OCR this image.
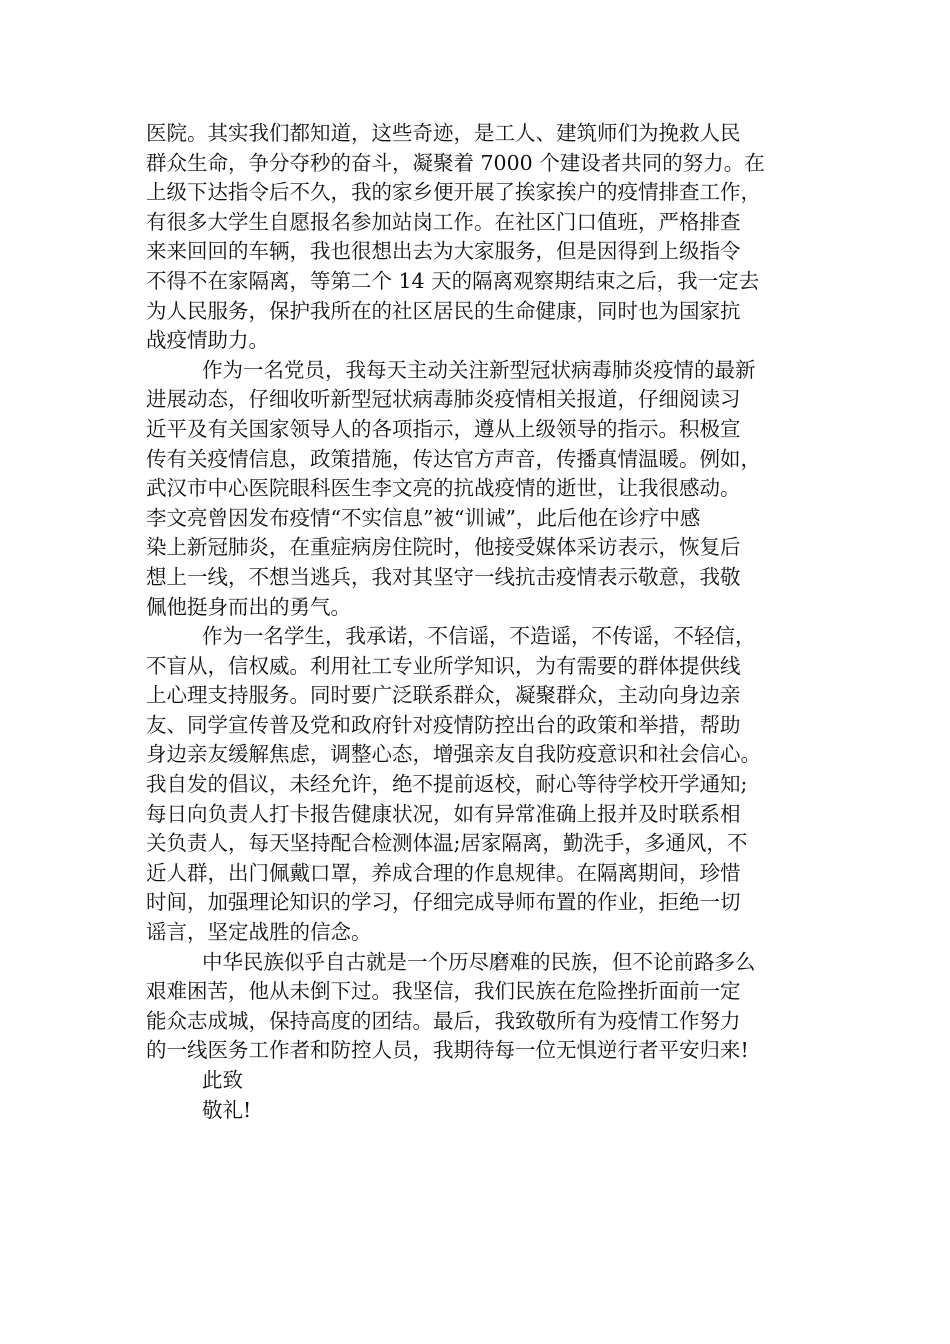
医院。其实我们都知道，这些奇迹，是工人、建筑师们为挽救人民
群众生命，争分夺秒的奋斗，凝聚着 7000 个建设者共同的努力。在
上级下达指令后不久，我的家乡便开展了挨家挨户的疫情排查工作，
有很多大学生自愿报名参加站岗工作。在社区门口值班，严格排查
来来回回的车辆，我也很想出去为大家服务，但是因得到上级指令
不得不在家隔离，等第二个 14 天的隔离观察期结束之后，我一定去
为人民服务，保护我所在的社区居民的生命健康，同时也为国家抗
战疫情助力。
作为一名党员，我每天主动关注新型冠状病毒肺炎疫情的最新
进展动态，仔细收听新型冠状病毒肺炎疫情相关报道，仔细阅读习
近平及有关国家领导人的各项指示，遵从上级领导的指示。积极宣
传有关疫情信息，政策措施，传达官方声音，传播真情温暖。例如，
武汉市中心医院眼科医生李文亮的抗战疫情的逝世，让我很感动。
李文亮曾因发布疫情“不实信息”被“训诫”，此后他在诊疗中感
染上新冠肺炎，在重症病房住院时，他接受媒体采访表示，恢复后
想上一线，不想当逃兵，我对其坚守一线抗击疫情表示敬意，我敬
佩他挺身而出的勇气。
作为一名学生，我承诺，不信谣，不造谣，不传谣，不轻信，
不盲从，信权威。利用社工专业所学知识，为有需要的群体提供线
上心理支持服务。同时要广泛联系群众，凝聚群众，主动向身边亲
友、同学宣传普及党和政府针对疫情防控出台的政策和举措，帮助
身边亲友缓解焦虑，调整心态，增强亲友自我防疫意识和社会信心。
我自发的倡议，未经允许，绝不提前返校，耐心等待学校开学通知;
每日向负责人打卡报告健康状况，如有异常准确上报并及时联系相
关负责人，每天坚持配合检测体温;居家隔离，勤洗手，多通风，不
近人群，出门佩戴口罩，养成合理的作息规律。在隔离期间，珍惜
时间，加强理论知识的学习，仔细完成导师布置的作业，拒绝一切
谣言，坚定战胜的信念。
中华民族似乎自古就是一个历尽磨难的民族，但不论前路多么
艰难困苦，他从未倒下过。我坚信，我们民族在危险挫折面前一定
能众志成城，保持高度的团结。最后，我致敬所有为疫情工作努力
的一线医务工作者和防控人员，我期待每一位无惧逆行者平安归来!
此致
敬礼!
